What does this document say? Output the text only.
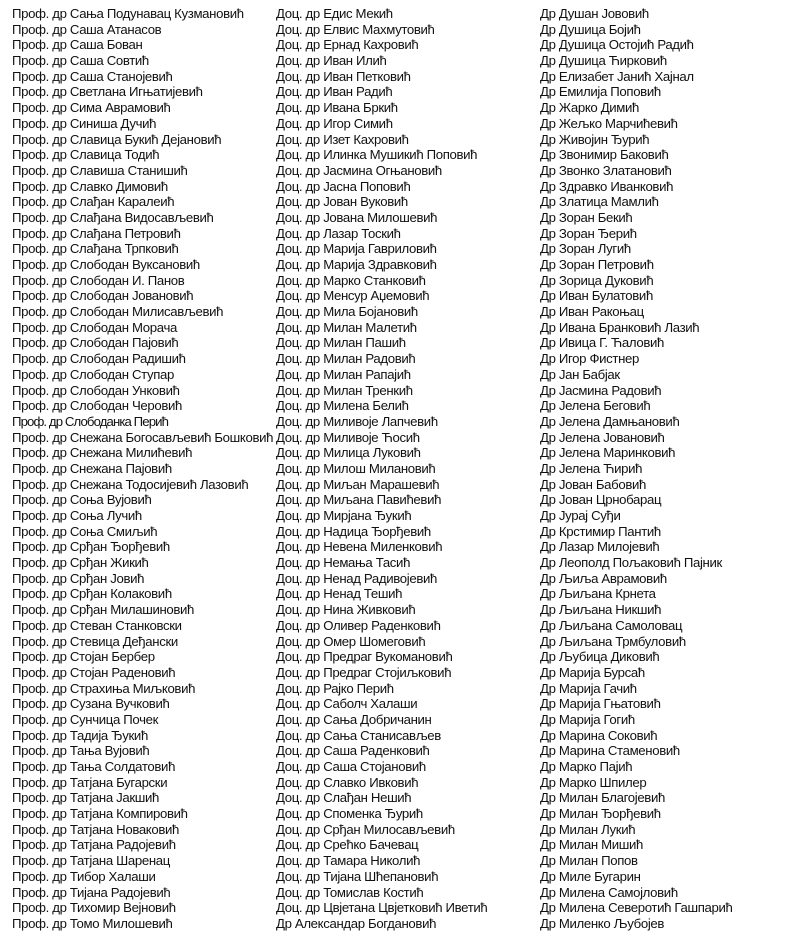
Проф. др Сања Подунавац Кузмановић
Проф. др Саша Атанасов
Проф. др Саша Бован
Проф. др Саша Совтић
Проф. др Саша Станојевић
Проф. др Светлана Игњатијевић
Проф. др Сима Аврамовић
Проф. др Синиша Дучић
Проф. др Славица Букић Дејановић
Проф. др Славица Тодић
Проф. др Славиша Станишић
Проф. др Славко Димовић
Проф. др Слађан Каралеић
Проф. др Слађана Видосављевић
Проф. др Слађана Петровић
Проф. др Слађана Трпковић
Проф. др Слободан Вуксановић
Проф. др Слободан И. Панов
Проф. др Слободан Јовановић
Проф. др Слободан Милисављевић
Проф. др Слободан Морача
Проф. др Слободан Пајовић
Проф. др Слободан Радишић
Проф. др Слободан Ступар
Проф. др Слободан Унковић
Проф. др Слободан Черовић
Проф. др Слободанка Перић
Проф. др Снежана Богосављевић Бошковић
Проф. др Снежана Милићевић
Проф. др Снежана Пајовић
Проф. др Снежана Тодосијевић Лазовић
Проф. др Соња Вујовић
Проф. др Соња Лучић
Проф. др Соња Смиљић
Проф. др Срђан Ђорђевић
Проф. др Срђан Жикић
Проф. др Срђан Јовић
Проф. др Срђан Колаковић
Проф. др Срђан Милашиновић
Проф. др Стеван Станковски
Проф. др Стевица Деђански
Проф. др Стојан Бербер
Проф. др Стојан Раденовић
Проф. др Страхиња Миљковић
Проф. др Сузана Вучковић
Проф. др Сунчица Почек
Проф. др Тадија Ђукић
Проф. др Тања Вујовић
Проф. др Тања Солдатовић
Проф. др Татјана Бугарски
Проф. др Татјана Јакшић
Проф. др Татјана Компировић
Проф. др Татјана Новаковић
Проф. др Татјана Радојевић
Проф. др Татјана Шаренац
Проф. др Тибор Халаши
Проф. др Тијана Радојевић
Проф. др Тихомир Вејновић
Проф. др Томо Милошевић
Доц. др Едис Мекић
Доц. др Елвис Махмутовић
Доц. др Ернад Кахровић
Доц. др Иван Илић
Доц. др Иван Петковић
Доц. др Иван Радић
Доц. др Ивана Бркић
Доц. др Игор Симић
Доц. др Изет Кахровић
Доц. др Илинка Мушикић Поповић
Доц. др Јасмина Огњановић
Доц. др Јасна Поповић
Доц. др Јован Вуковић
Доц. др Јована Милошевић
Доц. др Лазар Тоскић
Доц. др Марија Гавриловић
Доц. др Марија Здравковић
Доц. др Марко Станковић
Доц. др Менсур Аџемовић
Доц. др Мила Бојановић
Доц. др Милан Малетић
Доц. др Милан Пашић
Доц. др Милан Радовић
Доц. др Милан Рапајић
Доц. др Милан Тренкић
Доц. др Милена Белић
Доц. др Миливоје Лапчевић
Доц. др Миливоје Ћосић
Доц. др Милица Луковић
Доц. др Милош Милановић
Доц. др Миљан Марашевић
Доц. др Миљана Павићевић
Доц. др Мирјана Ђукић
Доц. др Надица Ђорђевић
Доц. др Невена Миленковић
Доц. др Немања Тасић
Доц. др Ненад Радивојевић
Доц. др Ненад Тешић
Доц. др Нина Живковић
Доц. др Оливер Раденковић
Доц. др Омер Шомеговић
Доц. др Предраг Вукомановић
Доц. др Предраг Стојиљковић
Доц. др Рајко Перић
Доц. др Саболч Халаши
Доц. др Сања Добричанин
Доц. др Сања Станисављев
Доц. др Саша Раденковић
Доц. др Саша Стојановић
Доц. др Славко Ивковић
Доц. др Слађан Нешић
Доц. др Споменка Ђурић
Доц. др Срђан Милосављевић
Доц. др Срећко Бачевац
Доц. др Тамара Николић
Доц. др Тијана Шћепановић
Доц. др Томислав Костић
Доц. др Цвјетана Цвјетковић Иветић
Др Александар Богдановић
Др Душан Јововић
Др Душица Бојић
Др Душица Остојић Радић
Др Душица Ћирковић
Др Елизабет Јанић Хајнал
Др Емилија Поповић
Др Жарко Димић
Др Жељко Марчићевић
Др Живојин Ђурић
Др Звонимир Баковић
Др Звонко Златановић
Др Здравко Иванковић
Др Златица Мамлић
Др Зоран Бекић
Др Зоран Ђерић
Др Зоран Лугић
Др Зоран Петровић
Др Зорица Дуковић
Др Иван Булатовић
Др Иван Ракоњац
Др Ивана Бранковић Лазић
Др Ивица Г. Ћаловић
Др Игор Фистнер
Др Јан Бабјак
Др Јасмина Радовић
Др Јелена Беговић
Др Јелена Дамњановић
Др Јелена Јовановић
Др Јелена Маринковић
Др Јелена Ћирић
Др Јован Бабовић
Др Јован Црнобарац
Др Јурај Суђи
Др Крстимир Пантић
Др Лазар Милојевић
Др Леополд Пољаковић Пајник
Др Љиља Аврамовић
Др Љиљана Крнета
Др Љиљана Никшић
Др Љиљана Самоловац
Др Љиљана Трмбуловић
Др Љубица Диковић
Др Марија Бурсаћ
Др Марија Гачић
Др Марија Гњатовић
Др Марија Гогић
Др Марина Соковић
Др Марина Стаменовић
Др Марко Пајић
Др Марко Шпилер
Др Милан Благојевић
Др Милан Ђорђевић
Др Милан Лукић
Др Милан Мишић
Др Милан Попов
Др Миле Бугарин
Др Милена Самојловић
Др Милена Северотић Гашпарић
Др Миленко Љубојев
